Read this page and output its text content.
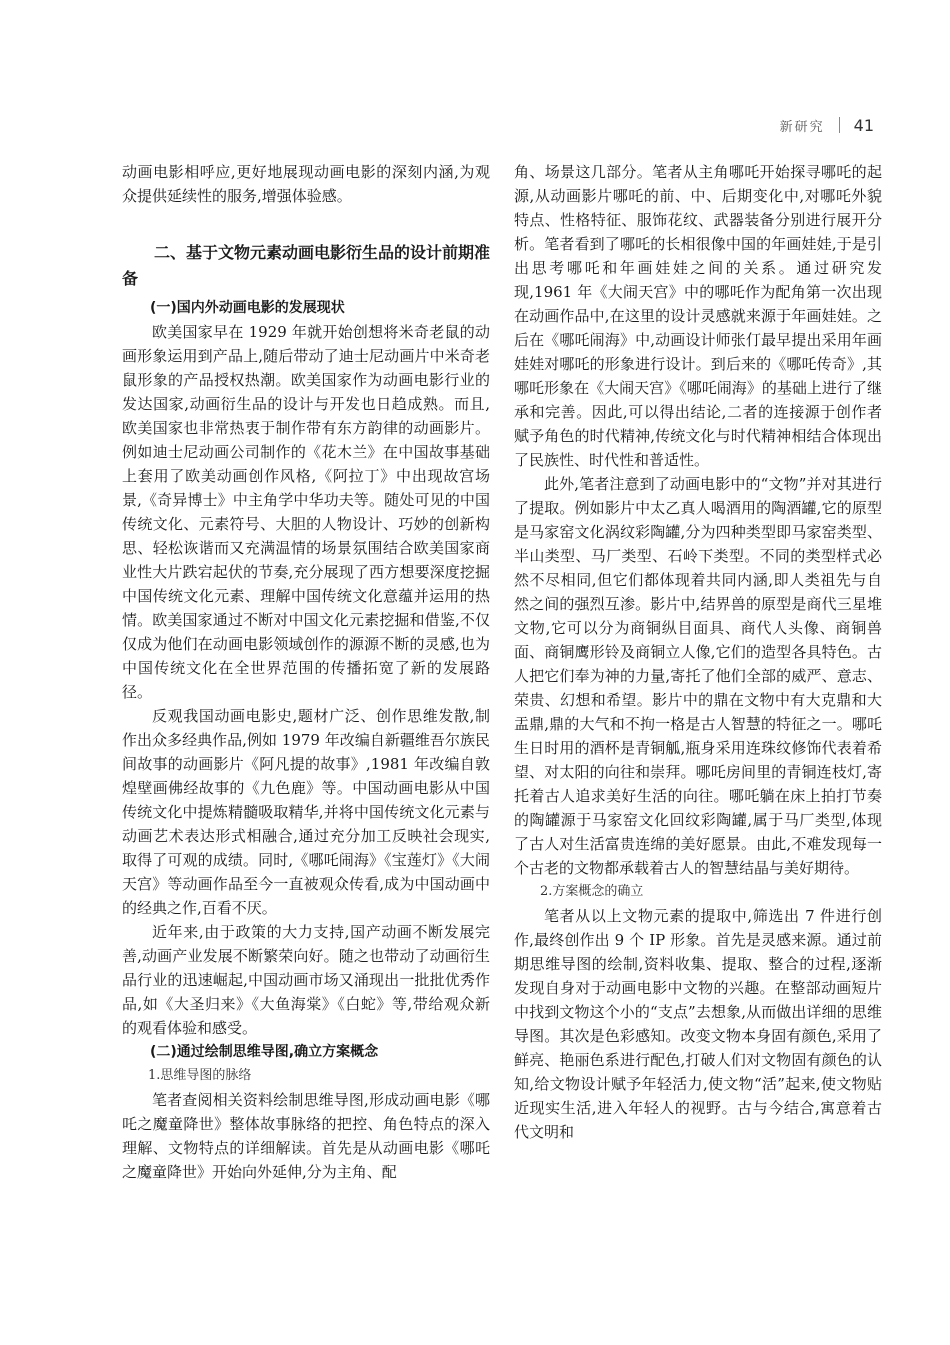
新研究 41

动画电影相呼应,更好地展现动画电影的深刻内涵,为观众提供延续性的服务,增强体验感。

二、基于文物元素动画电影衍生品的设计前期准备
(一)国内外动画电影的发展现状

欧美国家早在 1929 年就开始创想将米奇老鼠的动画形象运用到产品上,随后带动了迪士尼动画片中米奇老鼠形象的产品授权热潮。欧美国家作为动画电影行业的发达国家,动画衍生品的设计与开发也日趋成熟。而且,欧美国家也非常热衷于制作带有东方韵律的动画影片。例如迪士尼动画公司制作的《花木兰》在中国故事基础上套用了欧美动画创作风格,《阿拉丁》中出现故宫场景,《奇异博士》中主角学中华功夫等。随处可见的中国传统文化、元素符号、大胆的人物设计、巧妙的创新构思、轻松诙谐而又充满温情的场景氛围结合欧美国家商业性大片跌宕起伏的节奏,充分展现了西方想要深度挖掘中国传统文化元素、理解中国传统文化意蕴并运用的热情。欧美国家通过不断对中国文化元素挖掘和借鉴,不仅仅成为他们在动画电影领域创作的源源不断的灵感,也为中国传统文化在全世界范围的传播拓宽了新的发展路径。

反观我国动画电影史,题材广泛、创作思维发散,制作出众多经典作品,例如 1979 年改编自新疆维吾尔族民间故事的动画影片《阿凡提的故事》,1981 年改编自敦煌壁画佛经故事的《九色鹿》等。中国动画电影从中国传统文化中提炼精髓吸取精华,并将中国传统文化元素与动画艺术表达形式相融合,通过充分加工反映社会现实,取得了可观的成绩。同时,《哪吒闹海》《宝莲灯》《大闹天宫》等动画作品至今一直被观众传看,成为中国动画中的经典之作,百看不厌。

近年来,由于政策的大力支持,国产动画不断发展完善,动画产业发展不断繁荣向好。随之也带动了动画衍生品行业的迅速崛起,中国动画市场又涌现出一批批优秀作品,如《大圣归来》《大鱼海棠》《白蛇》等,带给观众新的观看体验和感受。

(二)通过绘制思维导图,确立方案概念
1.思维导图的脉络

笔者查阅相关资料绘制思维导图,形成动画电影《哪吒之魔童降世》整体故事脉络的把控、角色特点的深入理解、文物特点的详细解读。首先是从动画电影《哪吒之魔童降世》开始向外延伸,分为主角、配

角、场景这几部分。笔者从主角哪吒开始探寻哪吒的起源,从动画影片哪吒的前、中、后期变化中,对哪吒外貌特点、性格特征、服饰花纹、武器装备分别进行展开分析。笔者看到了哪吒的长相很像中国的年画娃娃,于是引出思考哪吒和年画娃娃之间的关系。通过研究发现,1961 年《大闹天宫》中的哪吒作为配角第一次出现在动画作品中,在这里的设计灵感就来源于年画娃娃。之后在《哪吒闹海》中,动画设计师张仃最早提出采用年画娃娃对哪吒的形象进行设计。到后来的《哪吒传奇》,其哪吒形象在《大闹天宫》《哪吒闹海》的基础上进行了继承和完善。因此,可以得出结论,二者的连接源于创作者赋予角色的时代精神,传统文化与时代精神相结合体现出了民族性、时代性和普适性。

此外,笔者注意到了动画电影中的“文物”并对其进行了提取。例如影片中太乙真人喝酒用的陶酒罐,它的原型是马家窑文化涡纹彩陶罐,分为四种类型即马家窑类型、半山类型、马厂类型、石岭下类型。不同的类型样式必然不尽相同,但它们都体现着共同内涵,即人类祖先与自然之间的强烈互渗。影片中,结界兽的原型是商代三星堆文物,它可以分为商铜纵目面具、商代人头像、商铜兽面、商铜鹰形铃及商铜立人像,它们的造型各具特色。古人把它们奉为神的力量,寄托了他们全部的威严、意志、荣贵、幻想和希望。影片中的鼎在文物中有大克鼎和大盂鼎,鼎的大气和不拘一格是古人智慧的特征之一。哪吒生日时用的酒杯是青铜觚,瓶身采用连珠纹修饰代表着希望、对太阳的向往和崇拜。哪吒房间里的青铜连枝灯,寄托着古人追求美好生活的向往。哪吒躺在床上拍打节奏的陶罐源于马家窑文化回纹彩陶罐,属于马厂类型,体现了古人对生活富贵连绵的美好愿景。由此,不难发现每一个古老的文物都承载着古人的智慧结晶与美好期待。

2.方案概念的确立

笔者从以上文物元素的提取中,筛选出 7 件进行创作,最终创作出 9 个 IP 形象。首先是灵感来源。通过前期思维导图的绘制,资料收集、提取、整合的过程,逐渐发现自身对于动画电影中文物的兴趣。在整部动画短片中找到文物这个小的“支点”去想象,从而做出详细的思维导图。其次是色彩感知。改变文物本身固有颜色,采用了鲜亮、艳丽色系进行配色,打破人们对文物固有颜色的认知,给文物设计赋予年轻活力,使文物“活”起来,使文物贴近现实生活,进入年轻人的视野。古与今结合,寓意着古代文明和
